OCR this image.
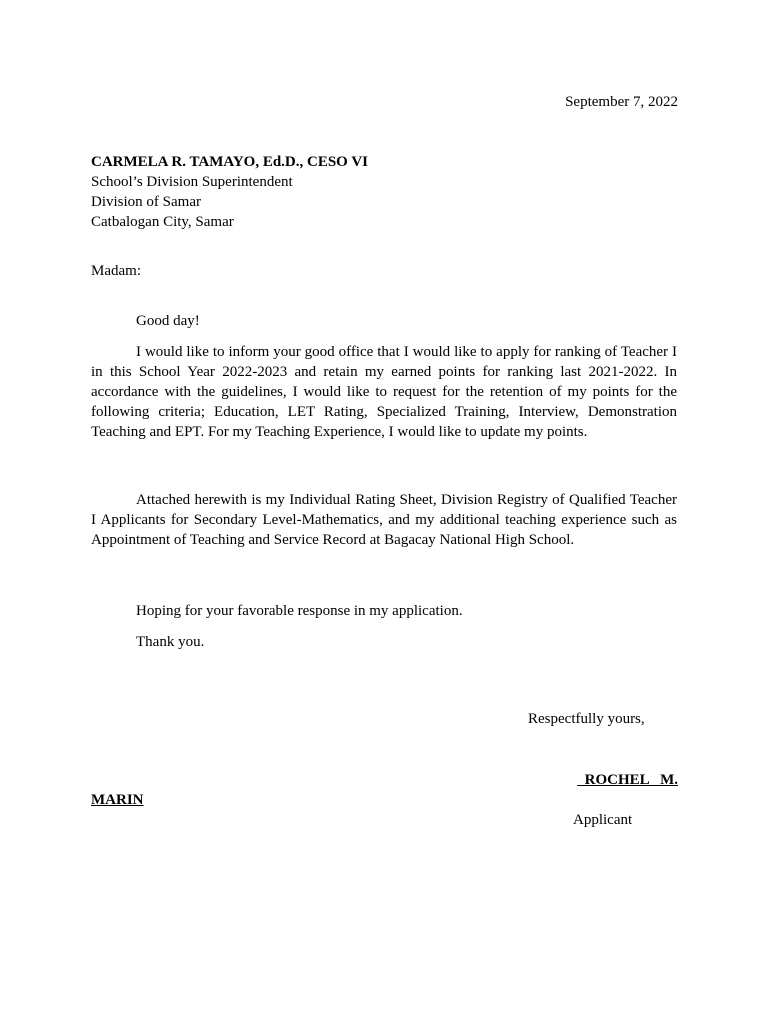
September 7, 2022
CARMELA R. TAMAYO, Ed.D., CESO VI
School’s Division Superintendent
Division of Samar
Catbalogan City, Samar
Madam:
Good day!

I would like to inform your good office that I would like to apply for ranking of Teacher I in this School Year 2022-2023 and retain my earned points for ranking last 2021-2022. In accordance with the guidelines, I would like to request for the retention of my points for the following criteria; Education, LET Rating, Specialized Training, Interview, Demonstration Teaching and EPT. For my Teaching Experience, I would like to update my points.

Attached herewith is my Individual Rating Sheet, Division Registry of Qualified Teacher I Applicants for Secondary Level-Mathematics, and my additional teaching experience such as Appointment of Teaching and Service Record at Bagacay National High School.

Hoping for your favorable response in my application.
Thank you.
Respectfully yours,
ROCHEL   M.
MARIN
Applicant
